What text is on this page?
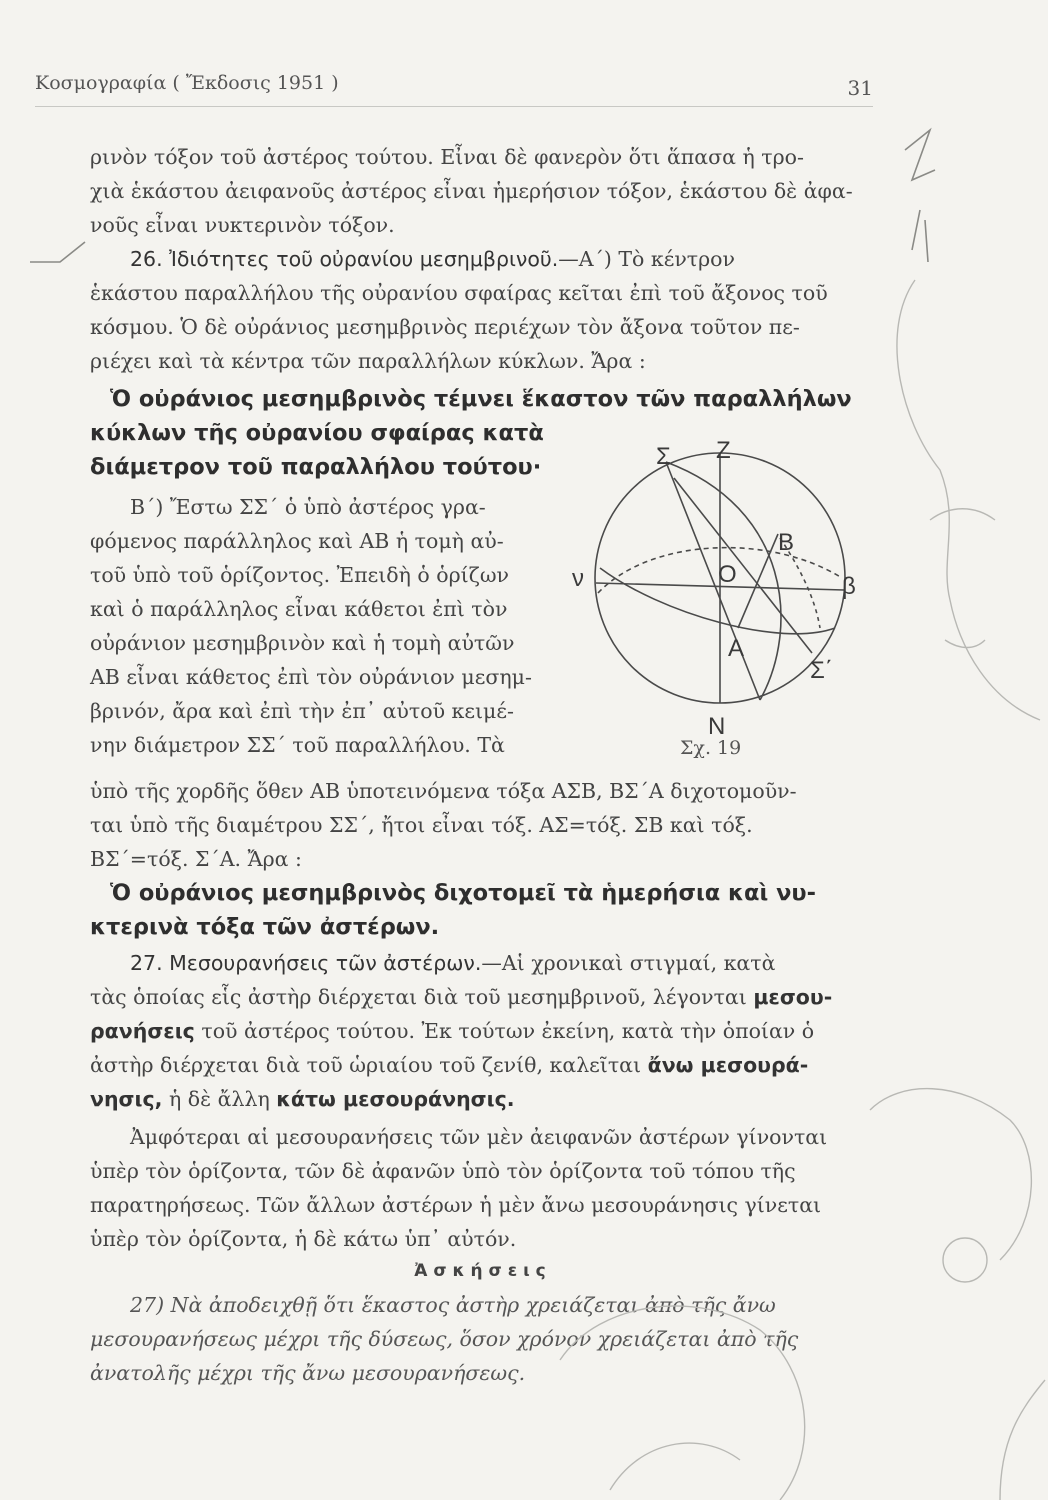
Κοσμογραφία ( Ἔκδοσις 1951 )	31
ρινὸν τόξον τοῦ ἀστέρος τούτου. Εἶναι δὲ φανερὸν ὅτι ἅπασα ἡ τρο-
χιὰ ἑκάστου ἀειφανοῦς ἀστέρος εἶναι ἡμερήσιον τόξον, ἑκάστου δὲ ἀφα-
νοῦς εἶναι νυκτερινὸν τόξον.
26. Ἰδιότητες τοῦ οὐρανίου μεσημβρινοῦ.—Α΄) Τὸ κέντρον
ἑκάστου παραλλήλου τῆς οὐρανίου σφαίρας κεῖται ἐπὶ τοῦ ἄξονος τοῦ
κόσμου. Ὁ δὲ οὐράνιος μεσημβρινὸς περιέχων τὸν ἄξονα τοῦτον πε-
ριέχει καὶ τὰ κέντρα τῶν παραλλήλων κύκλων. Ἄρα :
Ὁ οὐράνιος μεσημβρινὸς τέμνει ἕκαστον τῶν παραλλήλων
κύκλων τῆς οὐρανίου σφαίρας κατὰ
διάμετρον τοῦ παραλλήλου τούτου·
Β΄) Ἔστω ΣΣ΄ ὁ ὑπὸ ἀστέρος γρα-
φόμενος παράλληλος καὶ ΑΒ ἡ τομὴ αὐ-
τοῦ ὑπὸ τοῦ ὁρίζοντος. Ἐπειδὴ ὁ ὁρίζων
καὶ ὁ παράλληλος εἶναι κάθετοι ἐπὶ τὸν
οὐράνιον μεσημβρινὸν καὶ ἡ τομὴ αὐτῶν
ΑΒ εἶναι κάθετος ἐπὶ τὸν οὐράνιον μεσημ-
βρινόν, ἄρα καὶ ἐπὶ τὴν ἐπ᾽ αὐτοῦ κειμέ-
νην διάμετρον ΣΣ΄ τοῦ παραλλήλου. Τὰ
Σ Ζ
Β
Ο
Α
ν	β
Σ΄
Ν
Σχ. 19
ὑπὸ τῆς χορδῆς ὅθεν ΑΒ ὑποτεινόμενα τόξα ΑΣΒ, ΒΣ΄Α διχοτομοῦν-
ται ὑπὸ τῆς διαμέτρου ΣΣ΄, ἤτοι εἶναι τόξ. ΑΣ=τόξ. ΣΒ καὶ τόξ.
ΒΣ΄=τόξ. Σ΄Α. Ἄρα :
Ὁ οὐράνιος μεσημβρινὸς διχοτομεῖ τὰ ἡμερήσια καὶ νυ-
κτερινὰ τόξα τῶν ἀστέρων.
27. Μεσουρανήσεις τῶν ἀστέρων.—Αἱ χρονικαὶ στιγμαί, κατὰ
τὰς ὁποίας εἷς ἀστὴρ διέρχεται διὰ τοῦ μεσημβρινοῦ, λέγονται μεσου-
ρανήσεις τοῦ ἀστέρος τούτου. Ἐκ τούτων ἐκείνη, κατὰ τὴν ὁποίαν ὁ
ἀστὴρ διέρχεται διὰ τοῦ ὡριαίου τοῦ ζενίθ, καλεῖται ἄνω μεσουρά-
νησις, ἡ δὲ ἄλλη κάτω μεσουράνησις.
Ἀμφότεραι αἱ μεσουρανήσεις τῶν μὲν ἀειφανῶν ἀστέρων γίνονται
ὑπὲρ τὸν ὁρίζοντα, τῶν δὲ ἀφανῶν ὑπὸ τὸν ὁρίζοντα τοῦ τόπου τῆς
παρατηρήσεως. Τῶν ἄλλων ἀστέρων ἡ μὲν ἄνω μεσουράνησις γίνεται
ὑπὲρ τὸν ὁρίζοντα, ἡ δὲ κάτω ὑπ᾽ αὐτόν.
Ἀ σ κ ή σ ε ι ς
27) Νὰ ἀποδειχθῇ ὅτι ἕκαστος ἀστὴρ χρειάζεται ἀπὸ τῆς ἄνω
μεσουρανήσεως μέχρι τῆς δύσεως, ὅσον χρόνον χρειάζεται ἀπὸ τῆς
ἀνατολῆς μέχρι τῆς ἄνω μεσουρανήσεως.
